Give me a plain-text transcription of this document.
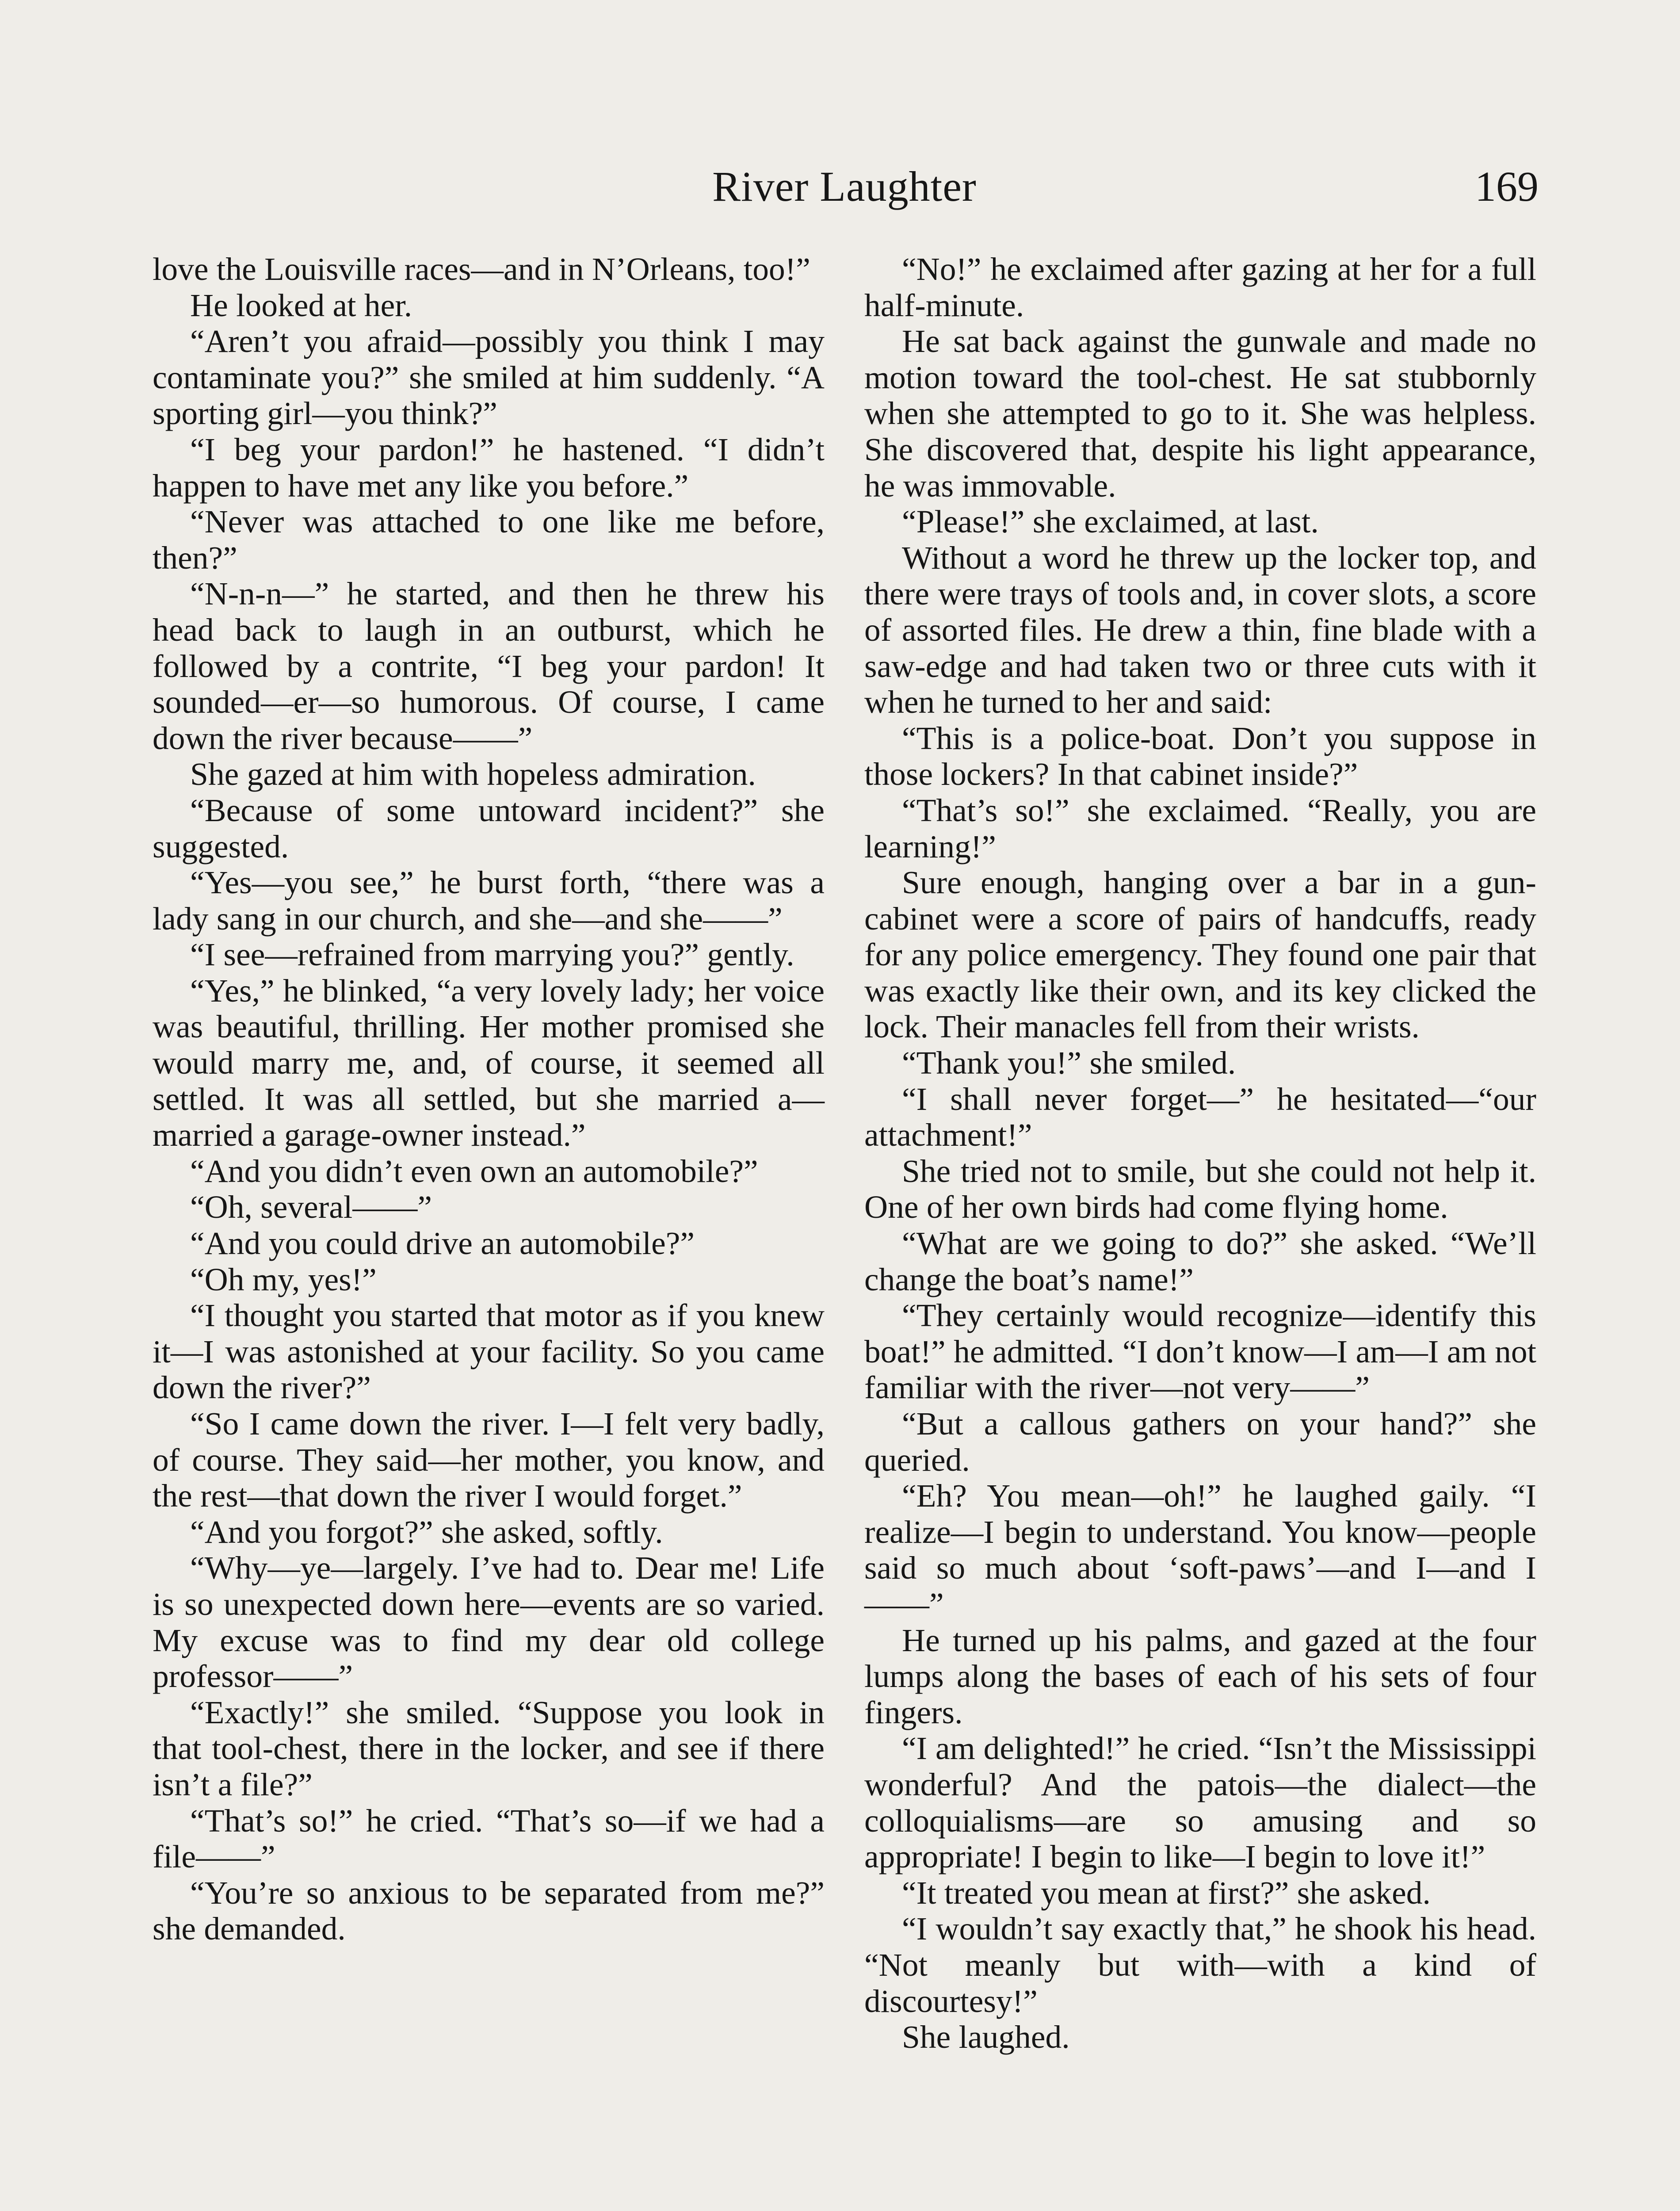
River Laughter	169

love the Louisville races—and in N’Orleans, too!”

He looked at her.

“Aren’t you afraid—possibly you think I may contaminate you?” she smiled at him suddenly. “A sporting girl—you think?”

“I beg your pardon!” he hastened. “I didn’t happen to have met any like you before.”

“Never was attached to one like me before, then?”

“N-n-n—” he started, and then he threw his head back to laugh in an outburst, which he followed by a contrite, “I beg your pardon! It sounded—er—so humorous. Of course, I came down the river because——”

She gazed at him with hopeless admiration.

“Because of some untoward incident?” she suggested.

“Yes—you see,” he burst forth, “there was a lady sang in our church, and she—and she——”

“I see—refrained from marrying you?” gently.

“Yes,” he blinked, “a very lovely lady; her voice was beautiful, thrilling. Her mother promised she would marry me, and, of course, it seemed all settled. It was all settled, but she married a—married a garage-owner instead.”

“And you didn’t even own an automobile?”

“Oh, several——”

“And you could drive an automobile?”

“Oh my, yes!”

“I thought you started that motor as if you knew it—I was astonished at your facility. So you came down the river?”

“So I came down the river. I—I felt very badly, of course. They said—her mother, you know, and the rest—that down the river I would forget.”

“And you forgot?” she asked, softly.

“Why—ye—largely. I’ve had to. Dear me! Life is so unexpected down here—events are so varied. My excuse was to find my dear old college professor——”

“Exactly!” she smiled. “Suppose you look in that tool-chest, there in the locker, and see if there isn’t a file?”

“That’s so!” he cried. “That’s so—if we had a file——”

“You’re so anxious to be separated from me?” she demanded.

“No!” he exclaimed after gazing at her for a full half-minute.

He sat back against the gunwale and made no motion toward the tool-chest. He sat stubbornly when she attempted to go to it. She was helpless. She discovered that, despite his light appearance, he was immovable.

“Please!” she exclaimed, at last.

Without a word he threw up the locker top, and there were trays of tools and, in cover slots, a score of assorted files. He drew a thin, fine blade with a saw-edge and had taken two or three cuts with it when he turned to her and said:

“This is a police-boat. Don’t you suppose in those lockers? In that cabinet inside?”

“That’s so!” she exclaimed. “Really, you are learning!”

Sure enough, hanging over a bar in a gun-cabinet were a score of pairs of handcuffs, ready for any police emergency. They found one pair that was exactly like their own, and its key clicked the lock. Their manacles fell from their wrists.

“Thank you!” she smiled.

“I shall never forget—” he hesitated—“our attachment!”

She tried not to smile, but she could not help it. One of her own birds had come flying home.

“What are we going to do?” she asked. “We’ll change the boat’s name!”

“They certainly would recognize—identify this boat!” he admitted. “I don’t know—I am—I am not familiar with the river—not very——”

“But a callous gathers on your hand?” she queried.

“Eh? You mean—oh!” he laughed gaily. “I realize—I begin to understand. You know—people said so much about ‘soft-paws’—and I—and I——”

He turned up his palms, and gazed at the four lumps along the bases of each of his sets of four fingers.

“I am delighted!” he cried. “Isn’t the Mississippi wonderful? And the patois—the dialect—the colloquialisms—are so amusing and so appropriate! I begin to like—I begin to love it!”

“It treated you mean at first?” she asked.

“I wouldn’t say exactly that,” he shook his head. “Not meanly but with—with a kind of discourtesy!”

She laughed.
